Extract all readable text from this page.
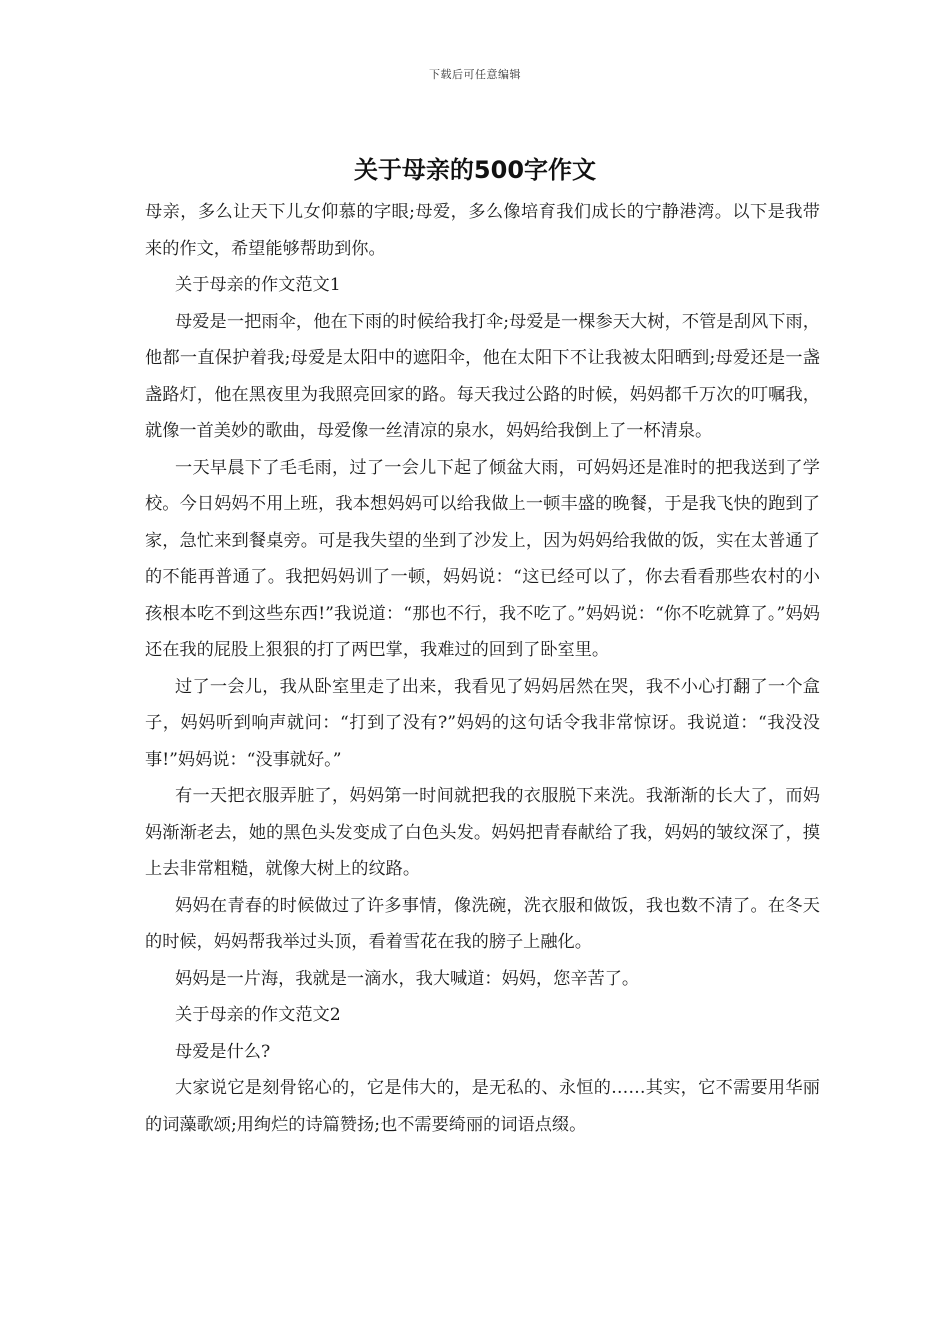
下载后可任意编辑
关于母亲的500字作文

母亲，多么让天下儿女仰慕的字眼;母爱，多么像培育我们成长的宁静港湾。以下是我带来的作文，希望能够帮助到你。

关于母亲的作文范文1

母爱是一把雨伞，他在下雨的时候给我打伞;母爱是一棵参天大树，不管是刮风下雨，他都一直保护着我;母爱是太阳中的遮阳伞，他在太阳下不让我被太阳晒到;母爱还是一盏盏路灯，他在黑夜里为我照亮回家的路。每天我过公路的时候，妈妈都千万次的叮嘱我，就像一首美妙的歌曲，母爱像一丝清凉的泉水，妈妈给我倒上了一杯清泉。

一天早晨下了毛毛雨，过了一会儿下起了倾盆大雨，可妈妈还是准时的把我送到了学校。今日妈妈不用上班，我本想妈妈可以给我做上一顿丰盛的晚餐，于是我飞快的跑到了家，急忙来到餐桌旁。可是我失望的坐到了沙发上，因为妈妈给我做的饭，实在太普通了的不能再普通了。我把妈妈训了一顿，妈妈说：“这已经可以了，你去看看那些农村的小孩根本吃不到这些东西!”我说道：“那也不行，我不吃了。”妈妈说：“你不吃就算了。”妈妈还在我的屁股上狠狠的打了两巴掌，我难过的回到了卧室里。

过了一会儿，我从卧室里走了出来，我看见了妈妈居然在哭，我不小心打翻了一个盒子，妈妈听到响声就问：“打到了没有?”妈妈的这句话令我非常惊讶。我说道：“我没没事!”妈妈说：“没事就好。”

有一天把衣服弄脏了，妈妈第一时间就把我的衣服脱下来洗。我渐渐的长大了，而妈妈渐渐老去，她的黑色头发变成了白色头发。妈妈把青春献给了我，妈妈的皱纹深了，摸上去非常粗糙，就像大树上的纹路。

妈妈在青春的时候做过了许多事情，像洗碗，洗衣服和做饭，我也数不清了。在冬天的时候，妈妈帮我举过头顶，看着雪花在我的膀子上融化。

妈妈是一片海，我就是一滴水，我大喊道：妈妈，您辛苦了。

关于母亲的作文范文2

母爱是什么?

大家说它是刻骨铭心的，它是伟大的，是无私的、永恒的……其实，它不需要用华丽的词藻歌颂;用绚烂的诗篇赞扬;也不需要绮丽的词语点缀。
